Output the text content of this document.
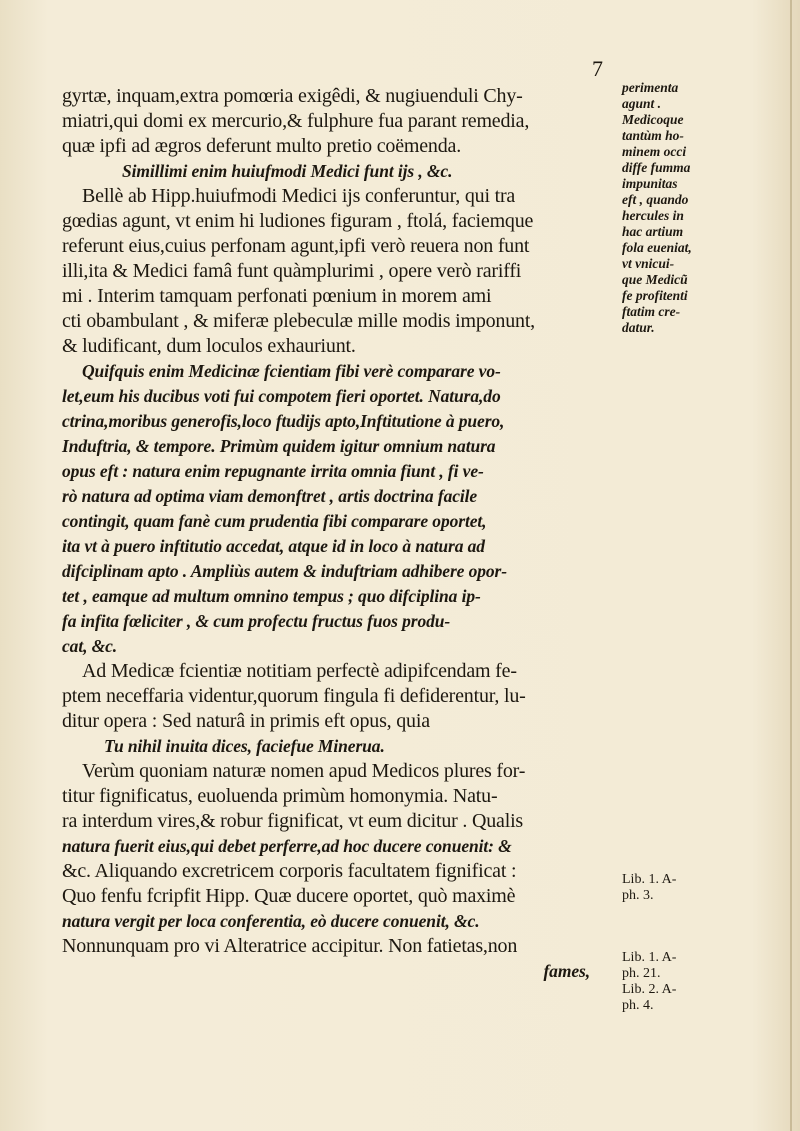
7

gyrtæ, inquam,extra pomœria exigêdi, & nugiuenduli Chy-

miatri,qui domi ex mercurio,& fulphure fua parant remedia,

quæ ipfi ad ægros deferunt multo pretio coëmenda.

Simillimi enim huiufmodi Medici funt ijs , &c.

Bellè ab Hipp.huiufmodi Medici ijs conferuntur, qui tra

gœdias agunt, vt enim hi ludiones figuram , ftolá, faciemque

referunt eius,cuius perfonam agunt,ipfi verò reuera non funt

illi,ita & Medici famâ funt quàmplurimi , opere verò rariffi

mi . Interim tamquam perfonati pœnium in morem ami

cti obambulant , & miferæ plebeculæ mille modis imponunt,

& ludificant, dum loculos exhauriunt.

Quifquis enim Medicinæ fcientiam fibi verè comparare vo-

let,eum his ducibus voti fui compotem fieri oportet. Natura,do

ctrina,moribus generofis,loco ftudijs apto,Inftitutione à puero,

Induftria, & tempore. Primùm quidem igitur omnium natura

opus eft : natura enim repugnante irrita omnia fiunt , fi ve-

rò natura ad optima viam demonftret , artis doctrina facile

contingit, quam fanè cum prudentia fibi comparare oportet,

ita vt à puero inftitutio accedat, atque id in loco à natura ad

difciplinam apto . Ampliùs autem & induftriam adhibere opor-

tet , eamque ad multum omnino tempus ; quo difciplina ip-

fa infita fœliciter , & cum profectu fructus fuos produ-

cat, &c.

Ad Medicæ fcientiæ notitiam perfectè adipifcendam fe-

ptem neceffaria videntur,quorum fingula fi defiderentur, lu-

ditur opera : Sed naturâ in primis eft opus, quia

Tu nihil inuita dices, faciefue Minerua.

Verùm quoniam naturæ nomen apud Medicos plures for-

titur fignificatus, euoluenda primùm homonymia. Natu-

ra interdum vires,& robur fignificat, vt eum dicitur . Qualis

natura fuerit eius,qui debet perferre,ad hoc ducere conuenit: &

&c. Aliquando excretricem corporis facultatem fignificat :

Quo fenfu fcripfit Hipp. Quæ ducere oportet, quò maximè

natura vergit per loca conferentia, eò ducere conuenit, &c.

Nonnunquam pro vi Alteratrice accipitur. Non fatietas,non

fames,

perimenta

agunt .

Medicoque

tantùm ho-

minem occi

diffe fumma

impunitas

eft , quando

hercules in

hac artium

fola eueniat,

vt vnicui-

que Medicũ

fe profitenti

ftatim cre-

datur.

Lib. 1. A-

ph. 3.

Lib. 1. A-

ph. 21.

Lib. 2. A-

ph. 4.
